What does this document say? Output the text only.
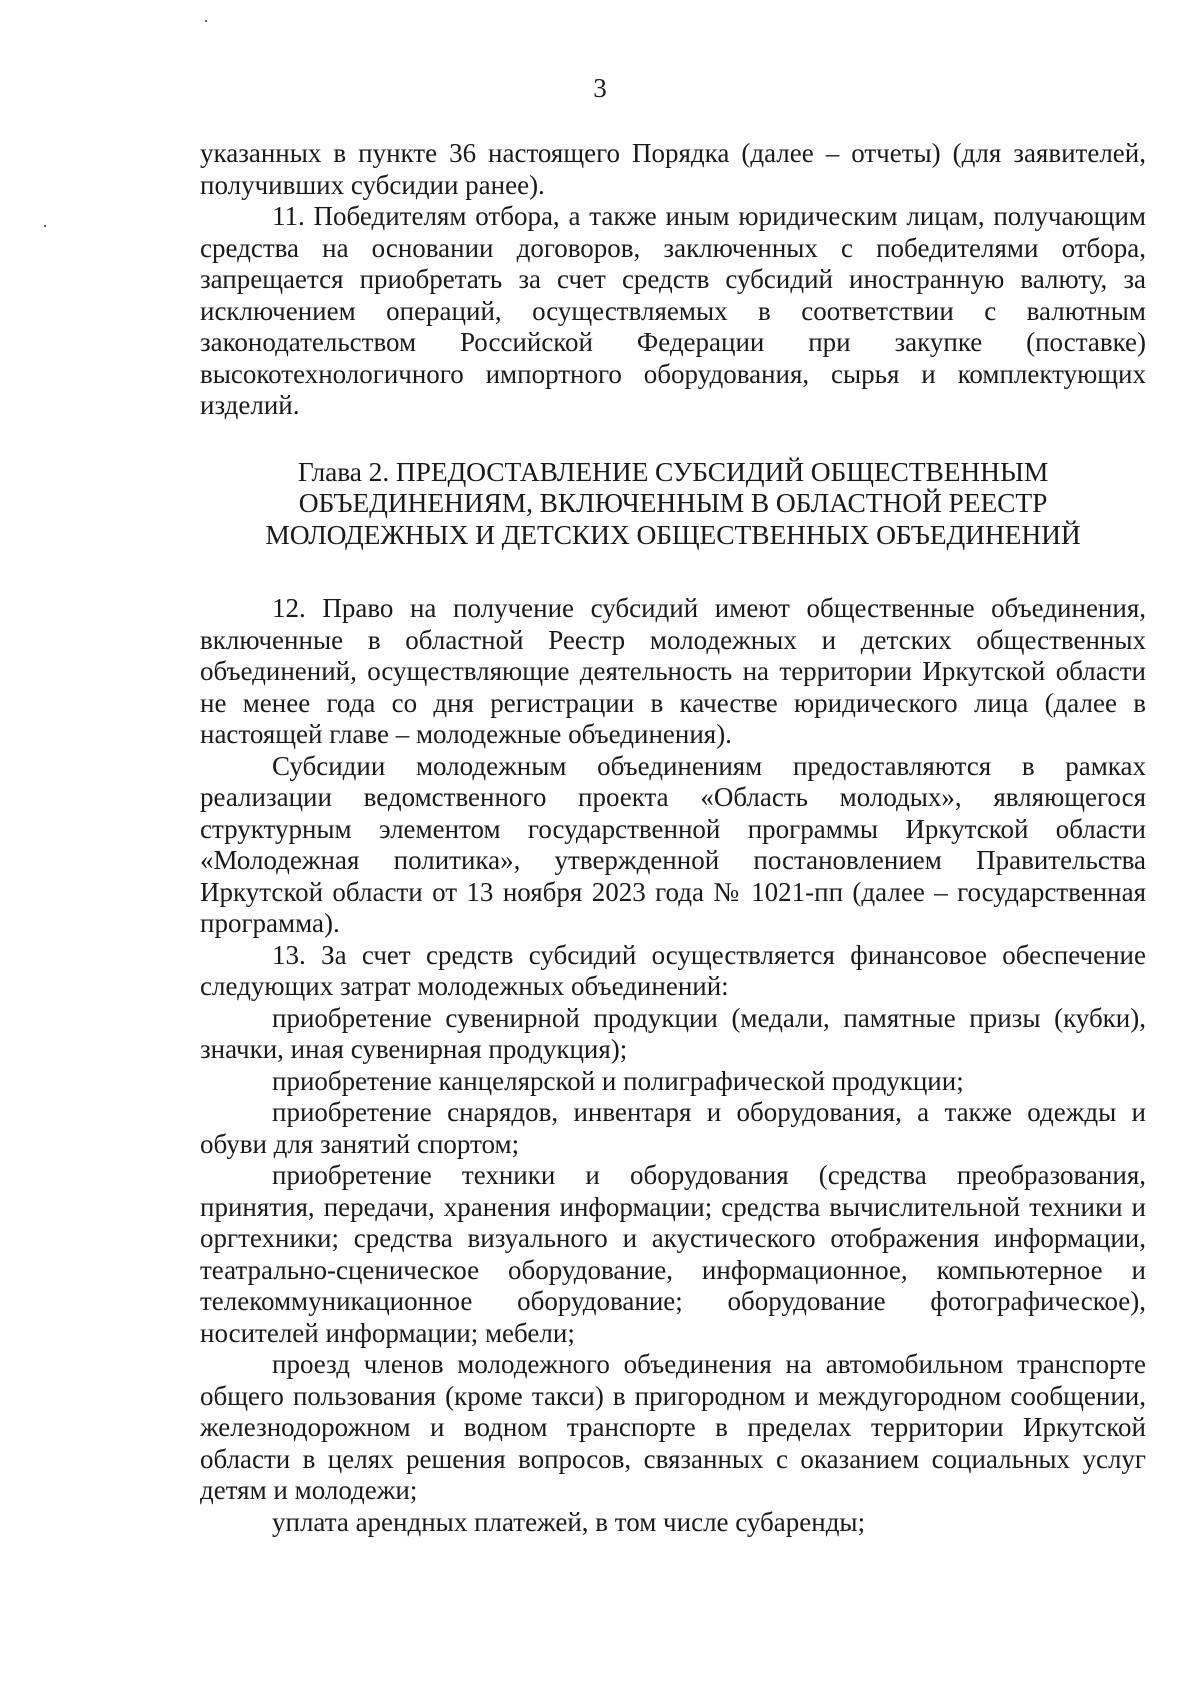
3

указанных в пункте 36 настоящего Порядка (далее – отчеты) (для заявителей, получивших субсидии ранее).

11. Победителям отбора, а также иным юридическим лицам, получающим средства на основании договоров, заключенных с победителями отбора, запрещается приобретать за счет средств субсидий иностранную валюту, за исключением операций, осуществляемых в соответствии с валютным законодательством Российской Федерации при закупке (поставке) высокотехнологичного импортного оборудования, сырья и комплектующих изделий.

Глава 2. ПРЕДОСТАВЛЕНИЕ СУБСИДИЙ ОБЩЕСТВЕННЫМ
ОБЪЕДИНЕНИЯМ, ВКЛЮЧЕННЫМ В ОБЛАСТНОЙ РЕЕСТР
МОЛОДЕЖНЫХ И ДЕТСКИХ ОБЩЕСТВЕННЫХ ОБЪЕДИНЕНИЙ

12. Право на получение субсидий имеют общественные объединения, включенные в областной Реестр молодежных и детских общественных объединений, осуществляющие деятельность на территории Иркутской области не менее года со дня регистрации в качестве юридического лица (далее в настоящей главе – молодежные объединения).

Субсидии молодежным объединениям предоставляются в рамках реализации ведомственного проекта «Область молодых», являющегося структурным элементом государственной программы Иркутской области «Молодежная политика», утвержденной постановлением Правительства Иркутской области от 13 ноября 2023 года № 1021-пп (далее – государственная программа).

13. За счет средств субсидий осуществляется финансовое обеспечение следующих затрат молодежных объединений:

приобретение сувенирной продукции (медали, памятные призы (кубки), значки, иная сувенирная продукция);

приобретение канцелярской и полиграфической продукции;

приобретение снарядов, инвентаря и оборудования, а также одежды и обуви для занятий спортом;

приобретение техники и оборудования (средства преобразования, принятия, передачи, хранения информации; средства вычислительной техники и оргтехники; средства визуального и акустического отображения информации, театрально-сценическое оборудование, информационное, компьютерное и телекоммуникационное оборудование; оборудование фотографическое), носителей информации; мебели;

проезд членов молодежного объединения на автомобильном транспорте общего пользования (кроме такси) в пригородном и междугородном сообщении, железнодорожном и водном транспорте в пределах территории Иркутской области в целях решения вопросов, связанных с оказанием социальных услуг детям и молодежи;

уплата арендных платежей, в том числе субаренды;
